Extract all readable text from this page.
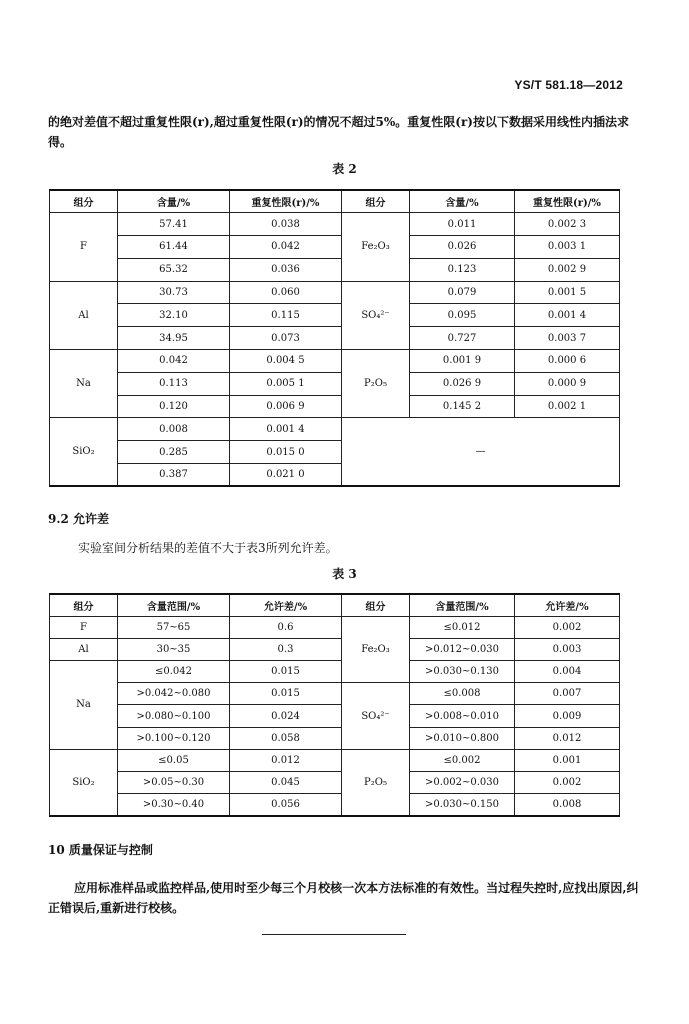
YS/T 581.18—2012

的绝对差值不超过重复性限(r),超过重复性限(r)的情况不超过5%。重复性限(r)按以下数据采用线性内插法求得。

表 2
组分	含量/%	重复性限(r)/%	组分	含量/%	重复性限(r)/%
F	57.41	0.038	Fe₂O₃	0.011	0.002 3
	61.44	0.042		0.026	0.003 1
	65.32	0.036		0.123	0.002 9
Al	30.73	0.060	SO₄²⁻	0.079	0.001 5
	32.10	0.115		0.095	0.001 4
	34.95	0.073		0.727	0.003 7
Na	0.042	0.004 5	P₂O₅	0.001 9	0.000 6
	0.113	0.005 1		0.026 9	0.000 9
	0.120	0.006 9		0.145 2	0.002 1
SiO₂	0.008	0.001 4	—		
	0.285	0.015 0			
	0.387	0.021 0			
9.2 允许差

实验室间分析结果的差值不大于表3所列允许差。

表 3
组分	含量范围/%	允许差/%	组分	含量范围/%	允许差/%
F	57~65	0.6	Fe₂O₃	≤0.012	0.002
Al	30~35	0.3		>0.012~0.030	0.003
Na	≤0.042	0.015		>0.030~0.130	0.004
	>0.042~0.080	0.015	SO₄²⁻	≤0.008	0.007
	>0.080~0.100	0.024		>0.008~0.010	0.009
	>0.100~0.120	0.058		>0.010~0.800	0.012
SiO₂	≤0.05	0.012	P₂O₅	≤0.002	0.001
	>0.05~0.30	0.045		>0.002~0.030	0.002
	>0.30~0.40	0.056		>0.030~0.150	0.008
10 质量保证与控制

应用标准样品或监控样品,使用时至少每三个月校核一次本方法标准的有效性。当过程失控时,应找出原因,纠正错误后,重新进行校核。
